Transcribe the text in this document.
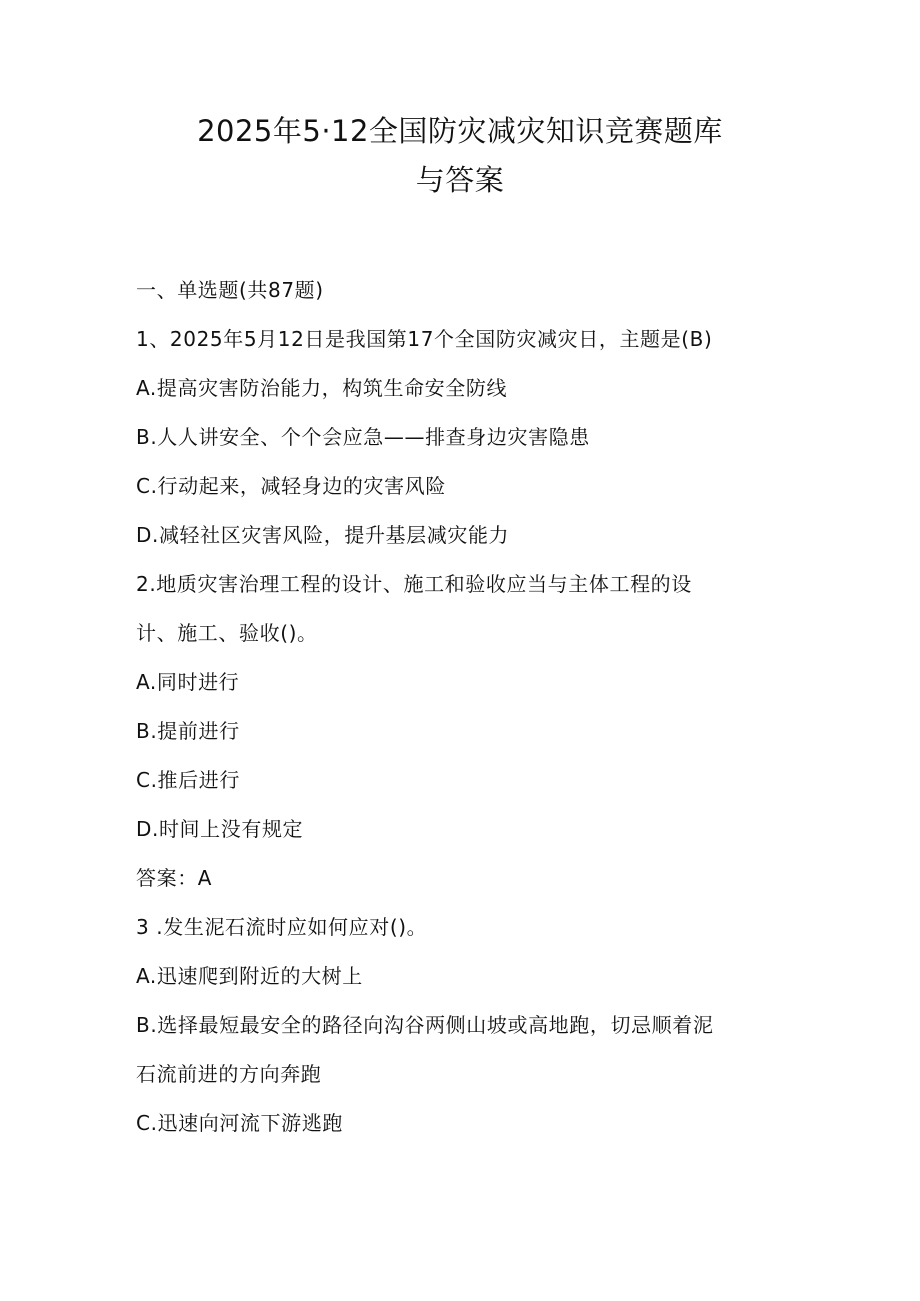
2025年5·12全国防灾减灾知识竞赛题库
与答案
一、单选题(共87题)
1、2025年5月12日是我国第17个全国防灾减灾日，主题是(B)
A.提高灾害防治能力，构筑生命安全防线
B.人人讲安全、个个会应急——排查身边灾害隐患
C.行动起来，减轻身边的灾害风险
D.减轻社区灾害风险，提升基层减灾能力
2.地质灾害治理工程的设计、施工和验收应当与主体工程的设
计、施工、验收()。
A.同时进行
B.提前进行
C.推后进行
D.时间上没有规定
答案：A
3 .发生泥石流时应如何应对()。
A.迅速爬到附近的大树上
B.选择最短最安全的路径向沟谷两侧山坡或高地跑，切忌顺着泥
石流前进的方向奔跑
C.迅速向河流下游逃跑
